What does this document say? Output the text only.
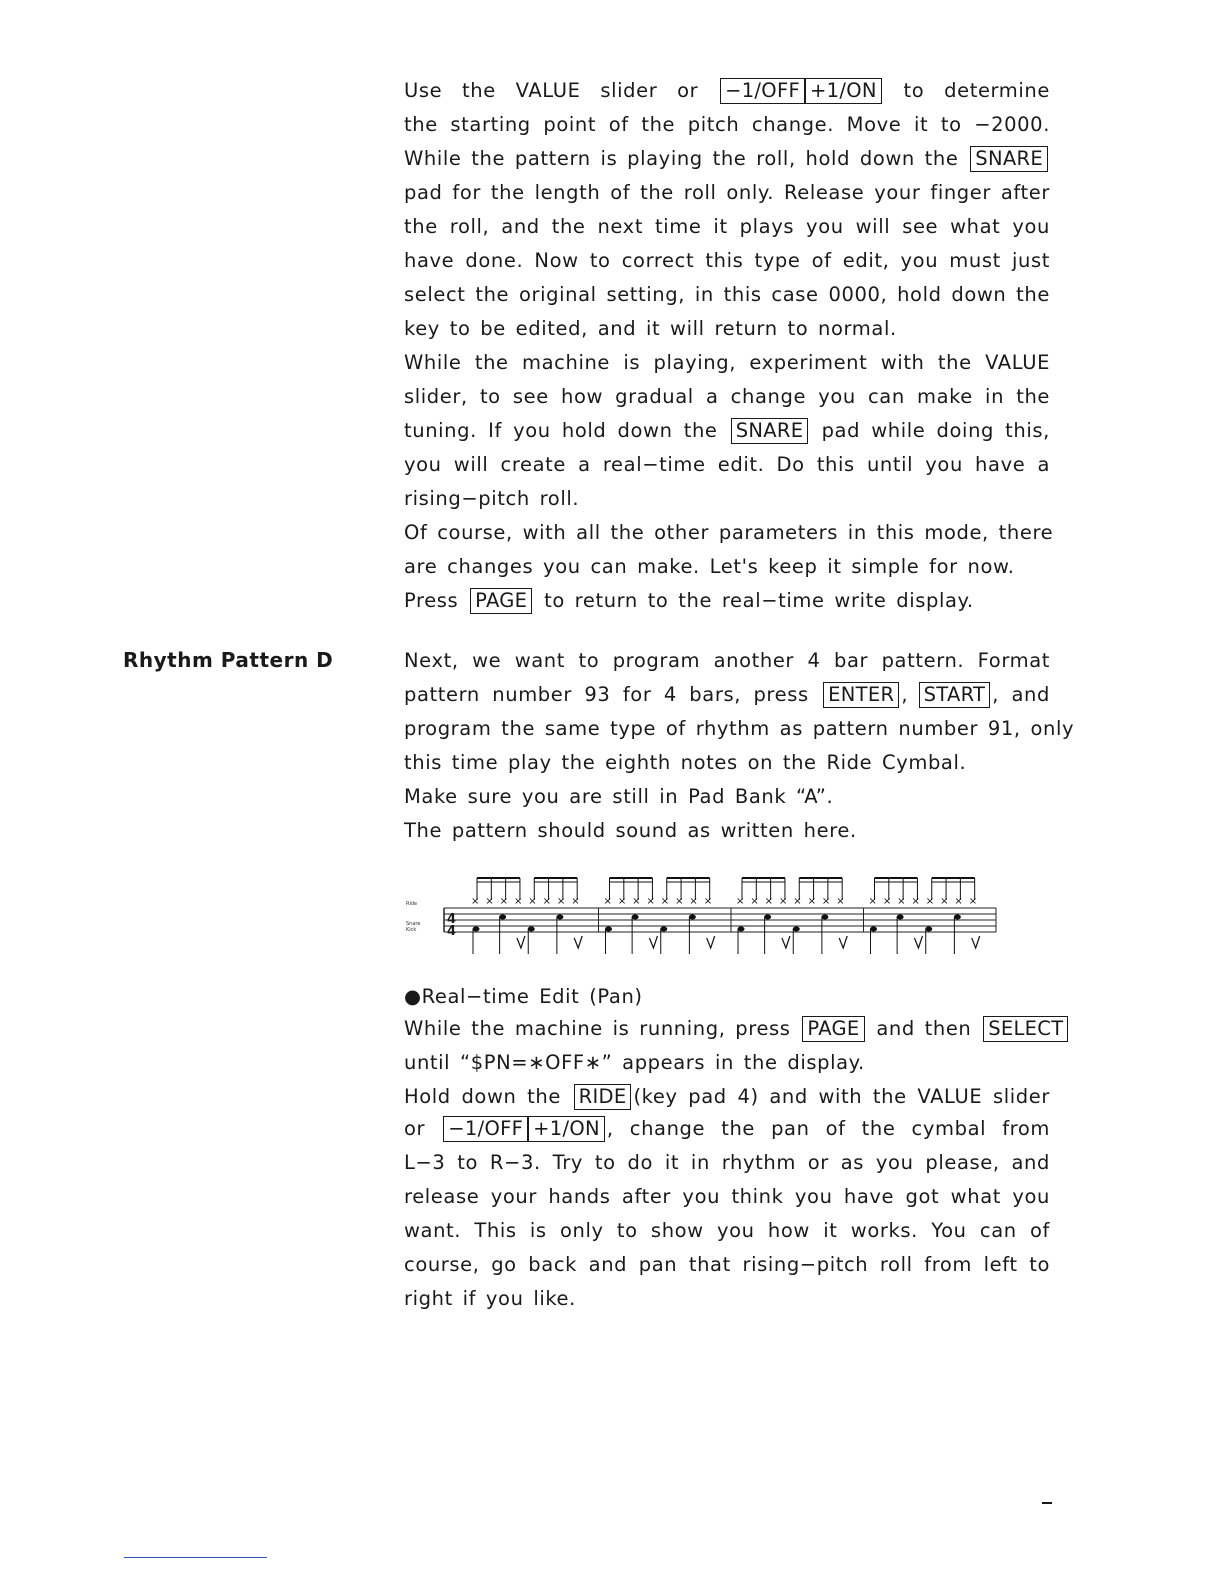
Use the VALUE slider or −1/OFF +1/ON to determine
the starting point of the pitch change. Move it to −2000.
While the pattern is playing the roll, hold down the SNARE
pad for the length of the roll only. Release your finger after
the roll, and the next time it plays you will see what you
have done. Now to correct this type of edit, you must just
select the original setting, in this case 0000, hold down the
key to be edited, and it will return to normal.
While the machine is playing, experiment with the VALUE
slider, to see how gradual a change you can make in the
tuning. If you hold down the SNARE pad while doing this,
you will create a real−time edit. Do this until you have a
rising−pitch roll.
Of course, with all the other parameters in this mode, there
are changes you can make. Let's keep it simple for now.
Press PAGE to return to the real−time write display.
Rhythm Pattern D	Next, we want to program another 4 bar pattern. Format
pattern number 93 for 4 bars, press ENTER , START , and
program the same type of rhythm as pattern number 91, only
this time play the eighth notes on the Ride Cymbal.
Make sure you are still in Pad Bank “A”.
The pattern should sound as written here.
Ride
Snare
Kick
4
4
× × × × × × × × × × × × × × × × × × × × × × × × × × × × × × × ×
●Real−time Edit (Pan)
While the machine is running, press PAGE and then SELECT
until “$PN=∗OFF∗” appears in the display.
Hold down the RIDE (key pad 4) and with the VALUE slider
or −1/OFF +1/ON , change the pan of the cymbal from
L−3 to R−3. Try to do it in rhythm or as you please, and
release your hands after you think you have got what you
want. This is only to show you how it works. You can of
course, go back and pan that rising−pitch roll from left to
right if you like.
